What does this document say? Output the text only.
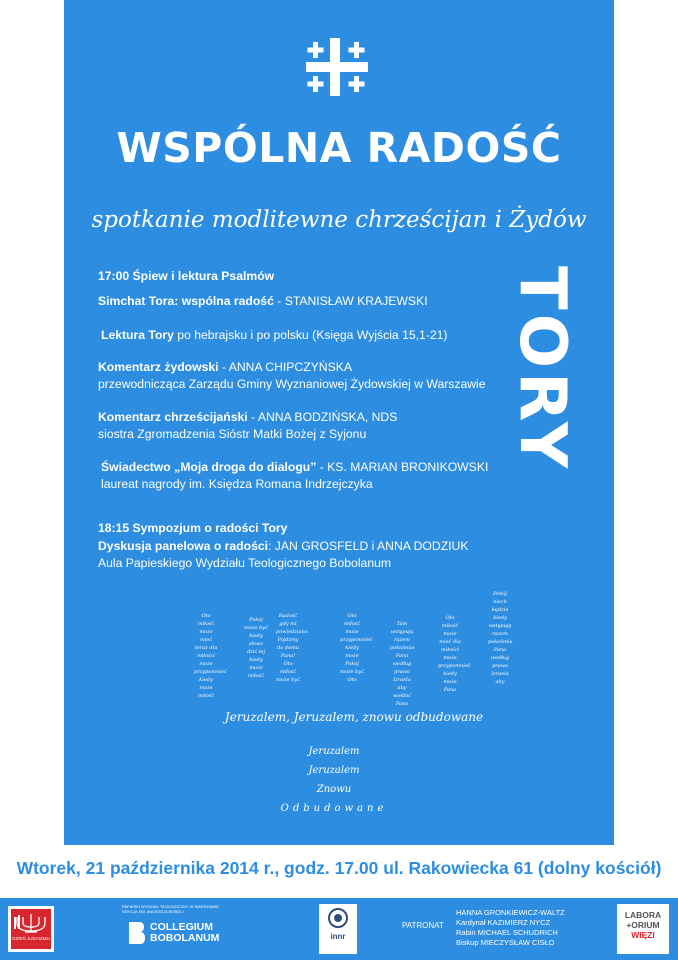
WSPÓLNA RADOŚĆ
spotkanie modlitewne chrześcijan i Żydów
TORY
17:00 Śpiew i lektura Psalmów
Simchat Tora: wspólna radość - STANISŁAW KRAJEWSKI
Lektura Tory po hebrajsku i po polsku (Księga Wyjścia 15,1-21)
Komentarz żydowski - ANNA CHIPCZYŃSKA
przewodnicząca Zarządu Gminy Wyznaniowej Żydowskiej w Warszawie
Komentarz chrześcijański - ANNA BODZIŃSKA, NDS
siostra Zgromadzenia Sióstr Matki Bożej z Syjonu
Świadectwo „Moja droga do dialogu” - KS. MARIAN BRONIKOWSKI
laureat nagrody im. Księdza Romana Indrzejczyka
18:15 Sympozjum o radości Tory
Dyskusja panelowa o radości: JAN GROSFELD i ANNA DODZIUK
Aula Papieskiego Wydziału Teologicznego Bobolanum
Oto miłość może mieć teraz dla miłości może przypomnieć kiedy może miłość
Pokój może być kiedy słowo dziś tej kiedy może miłość
Radość gdy mi powiedziano Pójdźmy do domu Pana! Oto miłość może być
Oto miłość może przypomnieć kiedy może Pokój może być Oto
Tam wstępują razem pokolenia Pana według prawa Izraela aby wielbić Pana
Oto miłość może mieć dla miłości może przypomnieć kiedy może Pana
Pokój niech będzie kiedy wstępują razem pokolenia Pana według prawa Izraela aby
Jeruzalem, Jeruzalem, znowu odbudowane
Jeruzalem
Jeruzalem
Znowu
Odbudowane
Wtorek, 21 października 2014 r., godz. 17.00 ul. Rakowiecka 61 (dolny kościół)
DZIEŃ JUDAIZMU
PAPIESKI WYDZIAŁ TEOLOGICZNY W WARSZAWIE SEKCJA ŚW. ANDRZEJA BOBOLI
COLLEGIUM
BOBOLANUM	innr
PATRONAT
HANNA GRONKIEWICZ-WALTZ
Kardynał KAZIMIERZ NYCZ
Rabin MICHAEL SCHUDRICH
Biskup MIECZYSŁAW CISŁO
LABORA
+ORIUM
WIĘZI
